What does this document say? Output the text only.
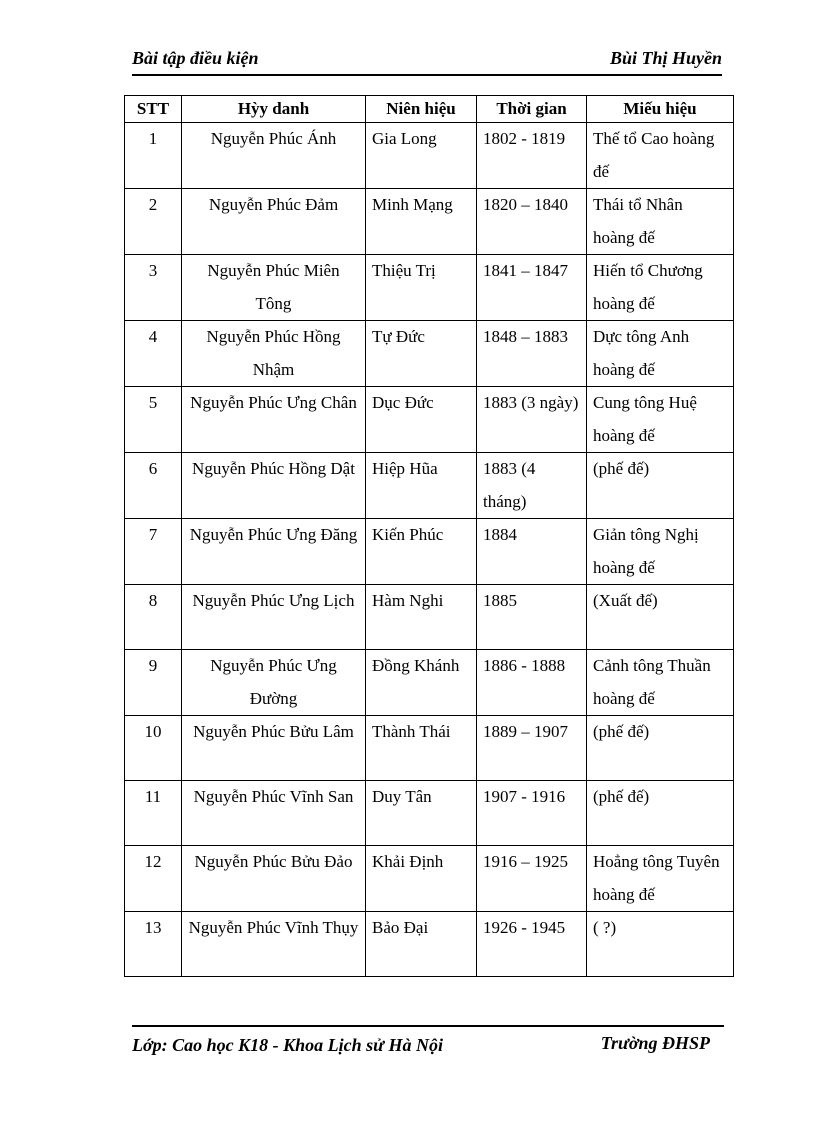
Bài tập điều kiện	Bùi Thị Huyền
STT	Hỳy danh	Niên hiệu	Thời gian	Miếu hiệu
1	Nguyễn Phúc Ánh	Gia Long	1802 - 1819	Thế tổ Cao hoàng đế
2	Nguyễn Phúc Đảm	Minh Mạng	1820 – 1840	Thái tổ Nhân hoàng đế
3	Nguyễn Phúc Miên Tông	Thiệu Trị	1841 – 1847	Hiến tổ Chương hoàng đế
4	Nguyễn Phúc Hồng Nhậm	Tự Đức	1848 – 1883	Dực tông Anh hoàng đế
5	Nguyễn Phúc Ưng Chân	Dục Đức	1883 (3 ngày)	Cung tông Huệ hoàng đế
6	Nguyễn Phúc Hồng Dật	Hiệp Hũa	1883 (4 tháng)	(phế đế)
7	Nguyễn Phúc Ưng Đăng	Kiến Phúc	1884	Giản tông Nghị hoàng đế
8	Nguyễn Phúc Ưng Lịch	Hàm Nghi	1885	(Xuất đế)
9	Nguyễn Phúc Ưng Đường	Đồng Khánh	1886 - 1888	Cảnh tông Thuần hoàng đế
10	Nguyễn Phúc Bửu Lâm	Thành Thái	1889 – 1907	(phế đế)
11	Nguyễn Phúc Vĩnh San	Duy Tân	1907 - 1916	(phế đế)
12	Nguyễn Phúc Bửu Đảo	Khải Định	1916 – 1925	Hoẳng tông Tuyên hoàng đế
13	Nguyễn Phúc Vĩnh Thụy	Bảo Đại	1926 - 1945	( ?)
Lớp: Cao học K18 - Khoa Lịch sử Hà Nội	Trường ĐHSP
